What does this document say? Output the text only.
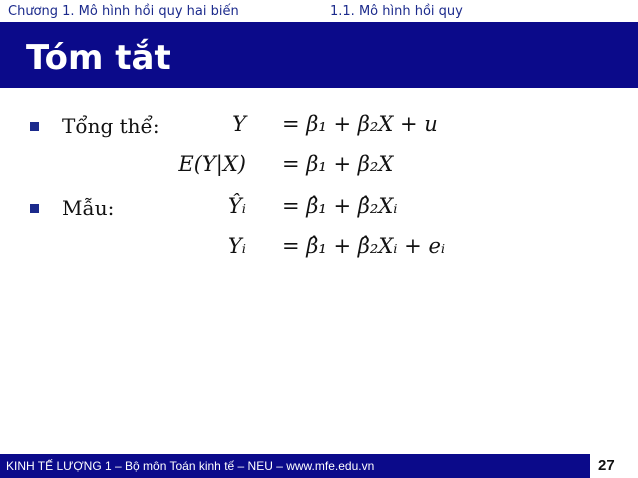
Chương 1. Mô hình hồi quy hai biến	1.1. Mô hình hồi quy
Tóm tắt
Tổng thể:	Y = β₁ + β₂X + u
E(Y|X) = β₁ + β₂X
Mẫu:	Ŷᵢ = β̂₁ + β̂₂Xᵢ
Yᵢ = β̂₁ + β̂₂Xᵢ + eᵢ
KINH TẾ LƯỢNG 1 – Bộ môn Toán kinh tế – NEU – www.mfe.edu.vn	27
